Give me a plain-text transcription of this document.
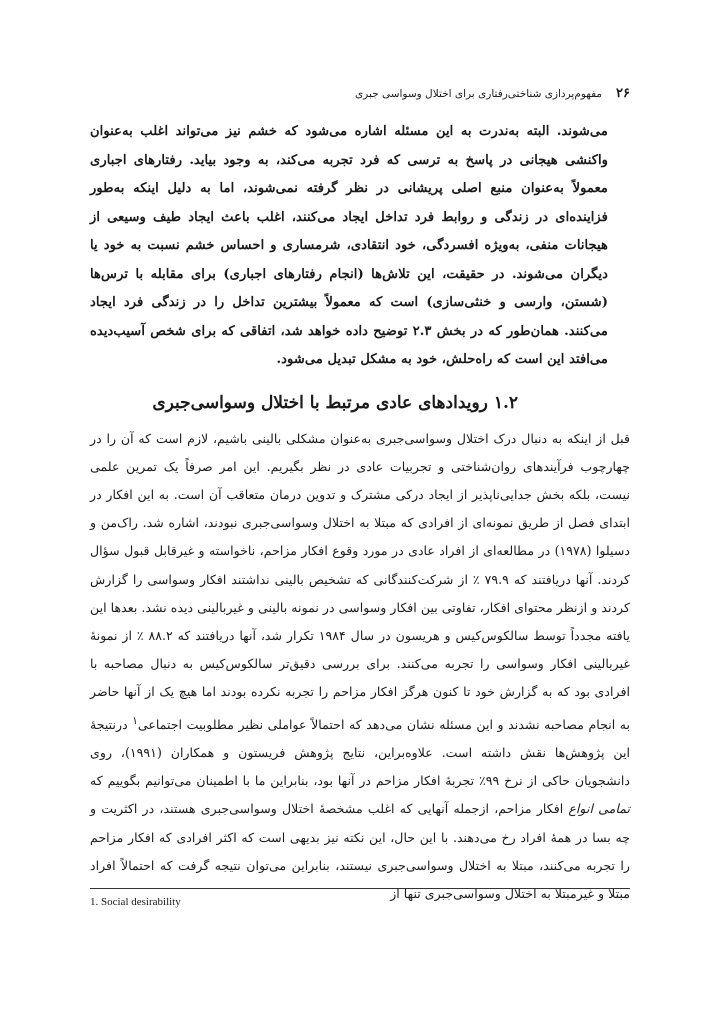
۲۶
مفهوم‌پردازی شناختی‌رفتاری برای اختلال وسواسی جبری

می‌شوند. البته به‌ندرت به این مسئله اشاره می‌شود که خشم نیز می‌تواند اغلب به‌عنوان واکنشی هیجانی در پاسخ به ترسی که فرد تجربه می‌کند، به وجود بیاید. رفتارهای اجباری معمولاً به‌عنوان منبع اصلی پریشانی در نظر گرفته نمی‌شوند، اما به دلیل اینکه به‌طور فزاینده‌ای در زندگی و روابط فرد تداخل ایجاد می‌کنند، اغلب باعث ایجاد طیف وسیعی از هیجانات منفی، به‌ویژه افسردگی، خود انتقادی، شرمساری و احساس خشم نسبت به خود یا دیگران می‌شوند. در حقیقت، این تلاش‌ها (انجام رفتارهای اجباری) برای مقابله با ترس‌ها (شستن، وارسی و خنثی‌سازی) است که معمولاً بیشترین تداخل را در زندگی فرد ایجاد می‌کنند. همان‌طور که در بخش ۲.۳ توضیح داده خواهد شد، اتفاقی که برای شخص آسیب‌دیده می‌افتد این است که راه‌حلش، خود به مشکل تبدیل می‌شود.

۱.۲ رویدادهای عادی مرتبط با اختلال وسواسی‌جبری

قبل از اینکه به دنبال درک اختلال وسواسی‌جبری به‌عنوان مشکلی بالینی باشیم، لازم است که آن را در چهارچوب فرآیندهای روان‌شناختی و تجربیات عادی در نظر بگیریم. این امر صرفاً یک تمرین علمی نیست، بلکه بخش جدایی‌ناپذیر از ایجاد درکی مشترک و تدوین درمان متعاقب آن است. به این افکار در ابتدای فصل از طریق نمونه‌ای از افرادی که مبتلا به اختلال وسواسی‌جبری نبودند، اشاره شد. راک‌من و دسیلوا (۱۹۷۸) در مطالعه‌ای از افراد عادی در مورد وقوع افکار مزاحم، ناخواسته و غیرقابل قبول سؤال کردند. آنها دریافتند که ۷۹.۹ ٪ از شرکت‌کنندگانی که تشخیص بالینی نداشتند افکار وسواسی را گزارش کردند و ازنظر محتوای افکار، تفاوتی بین افکار وسواسی در نمونه بالینی و غیربالینی دیده نشد. بعدها این یافته مجدداً توسط سالکوس‌کیس و هریسون در سال ۱۹۸۴ تکرار شد، آنها دریافتند که ۸۸.۲ ٪ از نمونهٔ غیربالینی افکار وسواسی را تجربه می‌کنند. برای بررسی دقیق‌تر سالکوس‌کیس به دنبال مصاحبه با افرادی بود که به گزارش خود تا کنون هرگز افکار مزاحم را تجربه نکرده بودند اما هیچ یک از آنها حاضر به انجام مصاحبه نشدند و این مسئله نشان می‌دهد که احتمالاً عواملی نظیر مطلوبیت اجتماعی$^۱$ درنتیجهٔ این پژوهش‌ها نقش داشته است. علاوه‌براین، نتایج پژوهش فریستون و همکاران (۱۹۹۱)، روی دانشجویان حاکی از نرخ ۹۹٪ تجربهٔ افکار مزاحم در آنها بود، بنابراین ما با اطمینان می‌توانیم بگوییم که تمامی انواع افکار مزاحم، ازجمله آنهایی که اغلب مشخصهٔ اختلال وسواسی‌جبری هستند، در اکثریت و چه بسا در همهٔ افراد رخ می‌دهند. با این حال، این نکته نیز بدیهی است که اکثر افرادی که افکار مزاحم را تجربه می‌کنند، مبتلا به اختلال وسواسی‌جبری نیستند، بنابراین می‌توان نتیجه گرفت که احتمالاً افراد مبتلا و غیرمبتلا به اختلال وسواسی‌جبری تنها از

1. Social desirability
